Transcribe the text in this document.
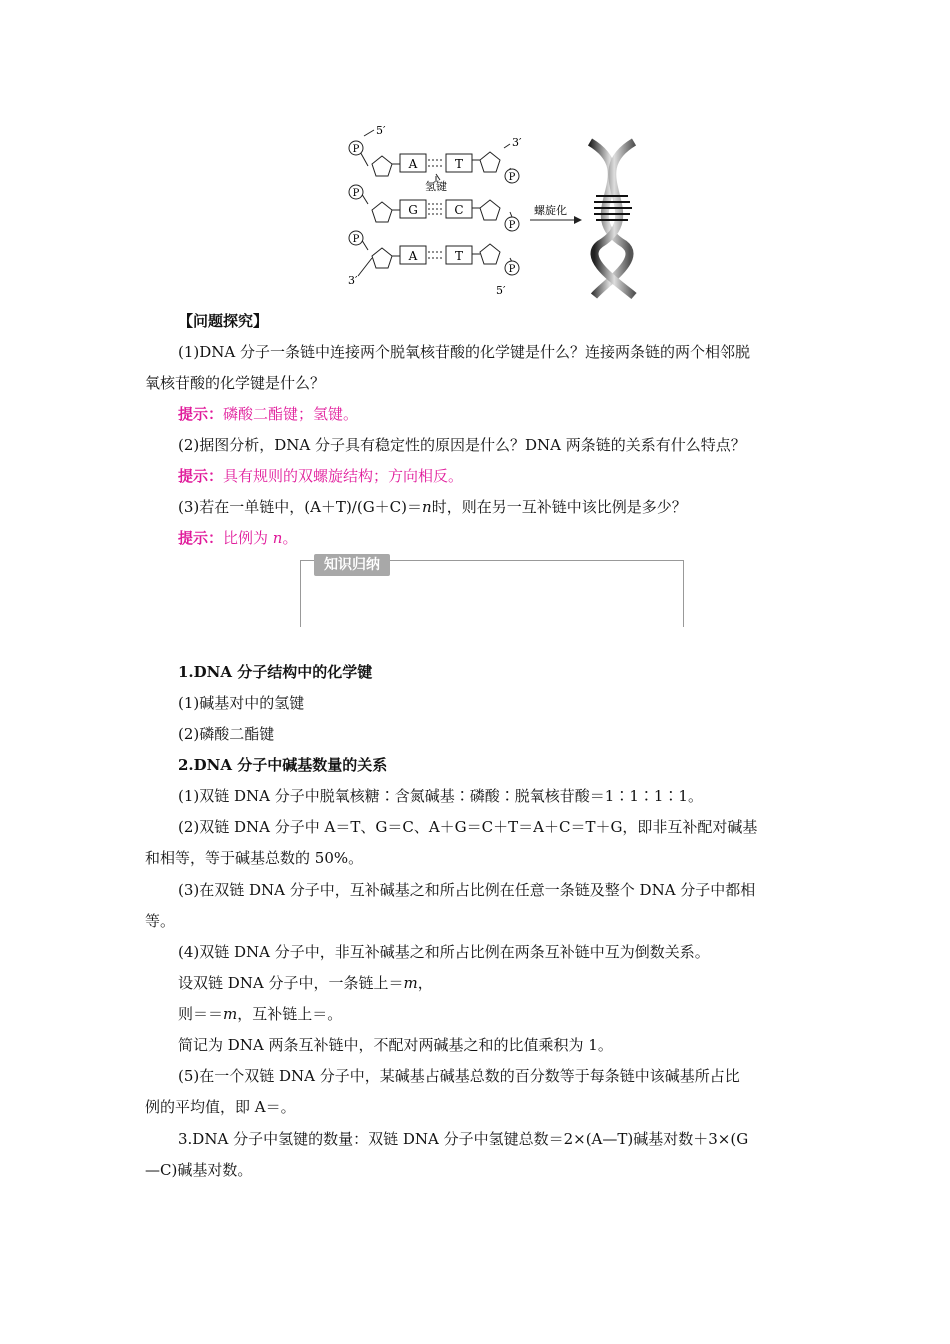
P
P
P
P
P
P
A	T
G	C
A	T
氢键
5′
3′
3′
5′
螺旋化
【问题探究】
(1)DNA 分子一条链中连接两个脱氧核苷酸的化学键是什么？连接两条链的两个相邻脱
氧核苷酸的化学键是什么？
提示：磷酸二酯键；氢键。
(2)据图分析，DNA 分子具有稳定性的原因是什么？DNA 两条链的关系有什么特点？
提示：具有规则的双螺旋结构；方向相反。
(3)若在一单链中，(A＋T)/(G＋C)＝n时，则在另一互补链中该比例是多少？
提示：比例为 n。
知识归纳
1.DNA 分子结构中的化学键
(1)碱基对中的氢键
(2)磷酸二酯键
2.DNA 分子中碱基数量的关系
(1)双链 DNA 分子中脱氧核糖∶含氮碱基∶磷酸∶脱氧核苷酸＝1∶1∶1∶1。
(2)双链 DNA 分子中 A＝T、G＝C、A＋G＝C＋T＝A＋C＝T＋G，即非互补配对碱基
和相等，等于碱基总数的 50%。
(3)在双链 DNA 分子中，互补碱基之和所占比例在任意一条链及整个 DNA 分子中都相
等。
(4)双链 DNA 分子中，非互补碱基之和所占比例在两条互补链中互为倒数关系。
设双链 DNA 分子中，一条链上＝m，
则＝＝m，互补链上＝。
简记为 DNA 两条互补链中，不配对两碱基之和的比值乘积为 1。
(5)在一个双链 DNA 分子中，某碱基占碱基总数的百分数等于每条链中该碱基所占比
例的平均值，即 A＝。
3.DNA 分子中氢键的数量：双链 DNA 分子中氢键总数＝2×(A—T)碱基对数＋3×(G
—C)碱基对数。
